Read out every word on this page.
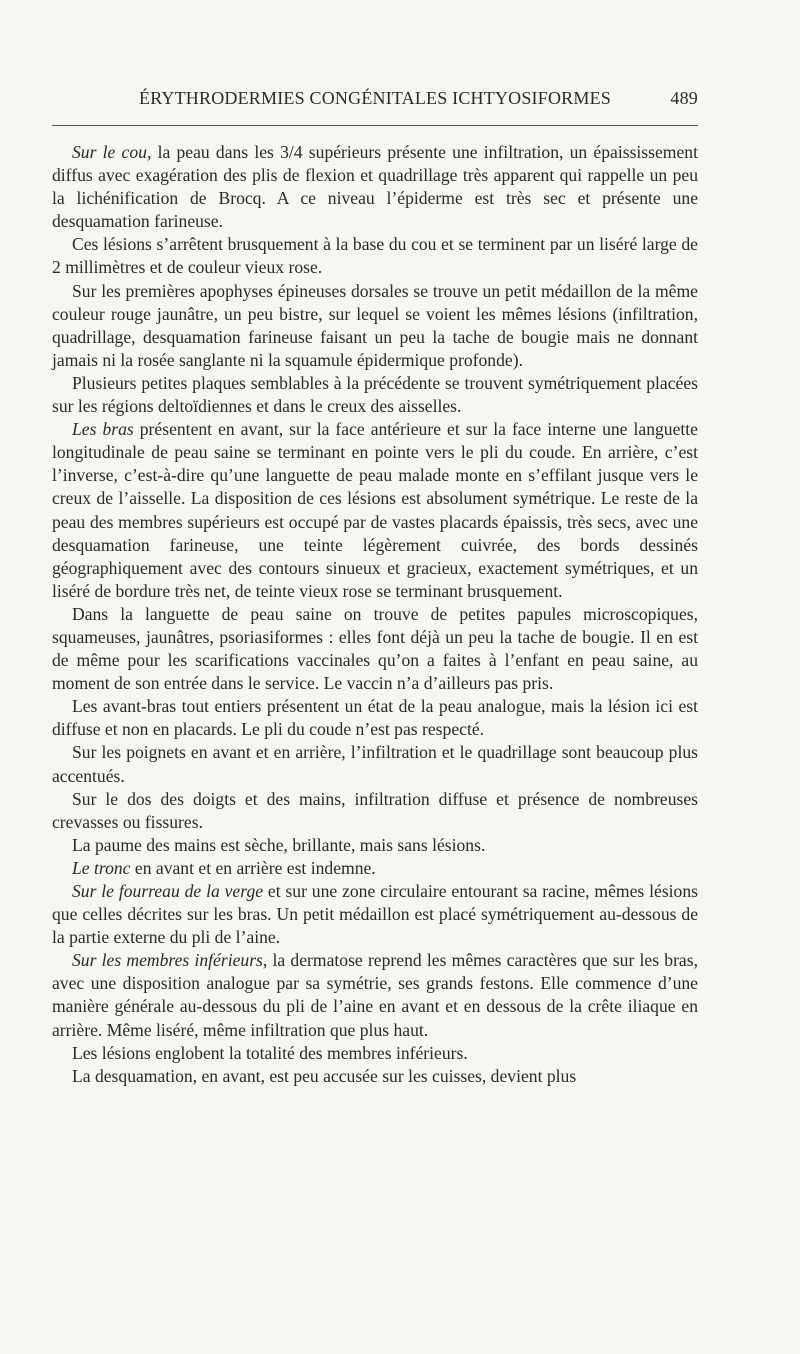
ÉRYTHRODERMIES CONGÉNITALES ICHTYOSIFORMES	489

Sur le cou, la peau dans les 3/4 supérieurs présente une infiltration, un épaississement diffus avec exagération des plis de flexion et quadrillage très apparent qui rappelle un peu la lichénification de Brocq. A ce niveau l’épiderme est très sec et présente une desquamation farineuse.

Ces lésions s’arrêtent brusquement à la base du cou et se terminent par un liséré large de 2 millimètres et de couleur vieux rose.

Sur les premières apophyses épineuses dorsales se trouve un petit médaillon de la même couleur rouge jaunâtre, un peu bistre, sur lequel se voient les mêmes lésions (infiltration, quadrillage, desquamation farineuse faisant un peu la tache de bougie mais ne donnant jamais ni la rosée sanglante ni la squamule épidermique profonde).

Plusieurs petites plaques semblables à la précédente se trouvent symétriquement placées sur les régions deltoïdiennes et dans le creux des aisselles.

Les bras présentent en avant, sur la face antérieure et sur la face interne une languette longitudinale de peau saine se terminant en pointe vers le pli du coude. En arrière, c’est l’inverse, c’est-à-dire qu’une languette de peau malade monte en s’effilant jusque vers le creux de l’aisselle. La disposition de ces lésions est absolument symétrique. Le reste de la peau des membres supérieurs est occupé par de vastes placards épaissis, très secs, avec une desquamation farineuse, une teinte légèrement cuivrée, des bords dessinés géographiquement avec des contours sinueux et gracieux, exactement symétriques, et un liséré de bordure très net, de teinte vieux rose se terminant brusquement.

Dans la languette de peau saine on trouve de petites papules microscopiques, squameuses, jaunâtres, psoriasiformes : elles font déjà un peu la tache de bougie. Il en est de même pour les scarifications vaccinales qu’on a faites à l’enfant en peau saine, au moment de son entrée dans le service. Le vaccin n’a d’ailleurs pas pris.

Les avant-bras tout entiers présentent un état de la peau analogue, mais la lésion ici est diffuse et non en placards. Le pli du coude n’est pas respecté.

Sur les poignets en avant et en arrière, l’infiltration et le quadrillage sont beaucoup plus accentués.

Sur le dos des doigts et des mains, infiltration diffuse et présence de nombreuses crevasses ou fissures.

La paume des mains est sèche, brillante, mais sans lésions.

Le tronc en avant et en arrière est indemne.

Sur le fourreau de la verge et sur une zone circulaire entourant sa racine, mêmes lésions que celles décrites sur les bras. Un petit médaillon est placé symétriquement au-dessous de la partie externe du pli de l’aine.

Sur les membres inférieurs, la dermatose reprend les mêmes caractères que sur les bras, avec une disposition analogue par sa symétrie, ses grands festons. Elle commence d’une manière générale au-dessous du pli de l’aine en avant et en dessous de la crête iliaque en arrière. Même liséré, même infiltration que plus haut.

Les lésions englobent la totalité des membres inférieurs.

La desquamation, en avant, est peu accusée sur les cuisses, devient plus
